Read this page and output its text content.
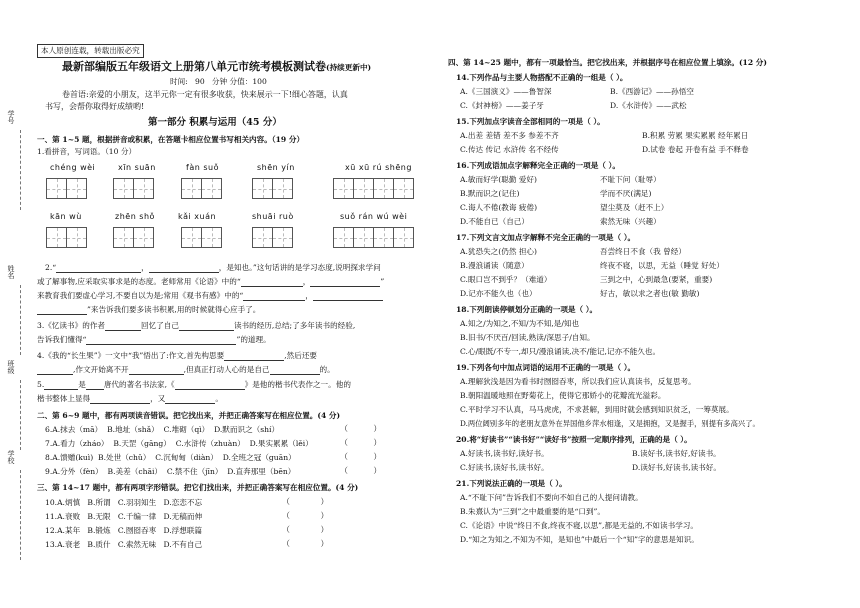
本人原创连载，转载出版必究
学号
姓名
班级
学校
最新部编版五年级语文上册第八单元市统考模板测试卷(持续更新中)
时间: 90 分钟 分值：100
卷首语:亲爱的小朋友，这半元你一定有很多收获，快来展示一下!细心答题，认真
书写，会帮你取得好成绩哟!
第一部分 积累与运用（45 分）
一、第 1~5 题，根据拼音或积累，在答题卡相应位置书写相关内容。（19 分）
1.看拼音，写词语。（10 分）
chéng wèi	xīn suān	fàn suǒ	shēn yín	xū xū rú shēng
kān wù	zhēn shǒ	kǎi xuán	shuāi ruò	suǒ rán wú wèi
2.“	，	，是知也。”这句话讲的是学习态度,说明探求学问
或了解事物,应采取实事求是的态度。老师常用《论语》中的“	，	”
来教育我们要虚心学习,不要自以为是;常用《观书有感》中的“	，
”来告诉我们要多读书积累,用的时候就得心应手了。
3.《忆读书》的作者	回忆了自己	读书的经历,总结;了多年读书的经验,
告诉我们懂得“	”的道理。
4.《我的“长生果”》一文中“我”悟出了:作文,首先构思要	,然后还要
,作文开始离不开	,但真正打动人心的是自己	的。
5.	是 唐代的著名书法家,《	》是他的楷书代表作之一。他的
楷书整体上显得	，又	。
二、第 6~9 题中，都有两项读音错误。把它找出来，并把正确答案写在相应位置。(4 分)
6.A.抹去（mā） B.地址（shǎ） C.堆砌（qì） D.默而识之（shí）
7.A.看力（zháo） B.天罡（gāng） C.水浒传（zhuàn） D.果实累累（lěi）
8.A.馈赠(kuì) B.处世（chǔ） C.沉甸甸（diàn） D.全班之冠（guān）
9.A.分外（fèn） B.美差（chāi） C.禁不住（jīn） D.直奔那里（bēn）
（          ）
（          ）
（          ）
（          ）
三、第 14~17 题中，都有两项字形错误。把它们找出来，并把正确答案写在相应位置。(4 分)
10.A.炳慎 B.所谓 C.羽羽知生 D.恋恋不忘
11.A.衰败 B.无限 C.千编一律 D.无稿而伸
12.A.某年 B.锻炼 C.囫囵吞枣 D.浮想联篇
13.A.衰老 B.质什 C.索然无味 D.不有自己
（            ）
（            ）
（            ）
（            ）
四、第 14~25 题中，都有一项最恰当。把它找出来，并根据序号在相应位置上填涂。(12 分)
14.下列作品与主要人物搭配不正确的一组是（ ）。
A.《三国演义》——鲁智深	B.《西游记》——孙悟空
C.《封神榜》——姜子牙	D.《水浒传》——武松
15.下列加点字读音全部相同的一项是（ ）。
A.出差 差错 差不多 参差不齐	B.积累 劳累 果实累累 经年累日
C.传达 传记 水浒传 名不经传	D.试卷 卷起 开卷有益 手不释卷
16.下列成语加点字解释完全正确的一项是（ ）。
A.敏而好学(聪勤 爱好)	不耻下问（耻辱）
B.默而识之(记住)	学而不厌(满足)
C.诲人不倦(教诲 疲倦)	望尘莫及（赶不上）
D.不能自已（自己）	索然无味（兴趣）
17.下列文言文加点字解释不完全正确的一项是（ ）。
A.犹恐失之(仍然 担心)	吾尝终日不食（我 曾经）
B.漫浪诵读（随意）	终夜不寝，以思，无益（睡觉 好处）
C.眼口岂不到乎？（难道）	三到之中，心到最急(要紧，重要)
D.记亦不能久也（也）	好古，敏以求之者也(敏 勤敏)
18.下列朗读停顿划分正确的一项是（ ）。
A.知之/为知之,不知/为不知,是/知也
B.旧书/不厌百/回读,熟读/深思子/自知。
C.心/眼既/不专一,却只/漫浪诵读,决不/能记,记亦不能久也。
19.下列各句中加点词语的运用不正确的一项是（ ）。
A.理解狄浅是因为看书时囫囵吞枣，所以我们应认真读书，反复思考。
B.朝阳温暖地照在野菊花上，使得它那娇小的花瓣流光溢彩。
C.平时学习不认真，马马虎虎，不求甚解，到用时就会感到知识贫乏，一筹莫展。
D.两位阔别多年的老朋友意外在异国他乡萍水相逢，又是拥抱，又是握手，别提有多高兴了。
20.将“好读书”“读书好”“读好书”按照一定顺序排列，正确的是（ ）。
A.好读书,读书好,读好书。	B.读好书,读书好,好读书。
C.好读书,读好书,读书好。	D.读好书,好读书,读书好。
21.下列说法正确的一项是（ ）。
A.“不耻下问”告诉我们不要向不如自己的人提问请教。
B.朱熹认为“三到”之中最重要的是“口到”。
C.《论语》中说“终日不食,终夜不寝,以思”,都是无益的,不如读书学习。
D.“知之为知之,不知为不知，是知也”中最后一个“知”字的意思是知识。
